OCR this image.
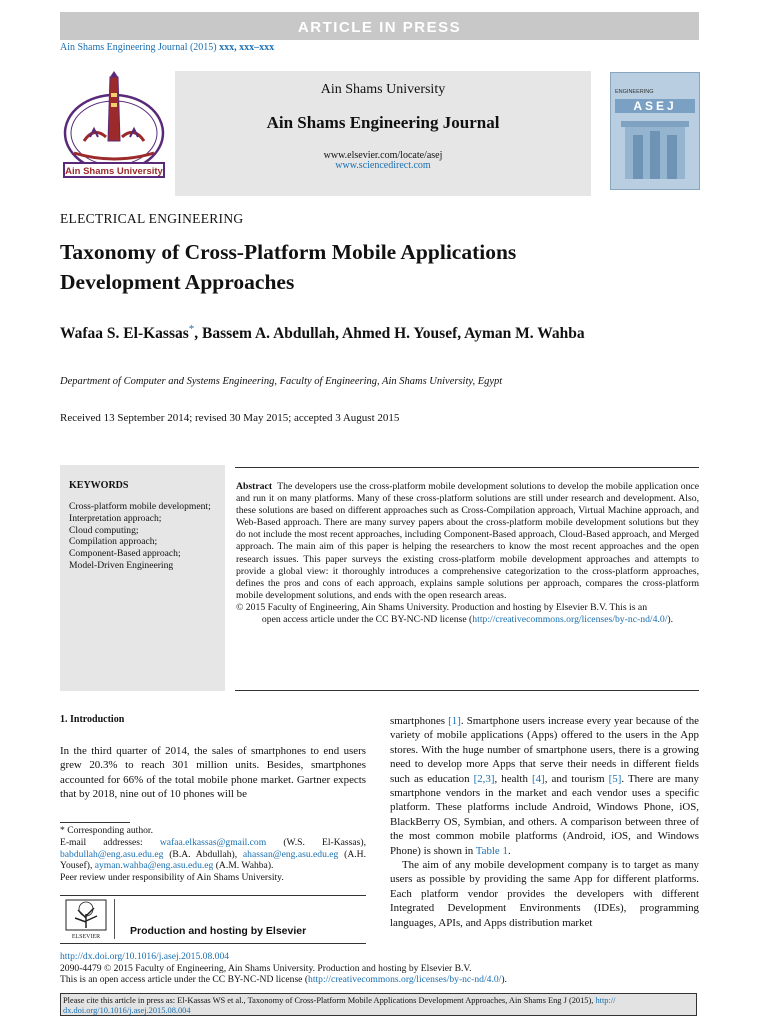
ARTICLE IN PRESS
Ain Shams Engineering Journal (2015) xxx, xxx–xxx
Ain Shams University
Ain Shams University
Ain Shams Engineering Journal
www.elsevier.com/locate/asej
www.sciencedirect.com
ENGINEERING
ASEJ
ELECTRICAL ENGINEERING
Taxonomy of Cross-Platform Mobile Applications
Development Approaches
Wafaa S. El-Kassas*, Bassem A. Abdullah, Ahmed H. Yousef, Ayman M. Wahba
Department of Computer and Systems Engineering, Faculty of Engineering, Ain Shams University, Egypt
Received 13 September 2014; revised 30 May 2015; accepted 3 August 2015
KEYWORDS
Cross-platform mobile development;
Interpretation approach;
Cloud computing;
Compilation approach;
Component-Based approach;
Model-Driven Engineering
Abstract The developers use the cross-platform mobile development solutions to develop the mobile application once and run it on many platforms. Many of these cross-platform solutions are still under research and development. Also, these solutions are based on different approaches such as Cross-Compilation approach, Virtual Machine approach, and Web-Based approach. There are many survey papers about the cross-platform mobile development solutions but they do not include the most recent approaches, including Component-Based approach, Cloud-Based approach, and Merged approach. The main aim of this paper is helping the researchers to know the most recent approaches and the open research issues. This paper surveys the existing cross-platform mobile development approaches and attempts to provide a global view: it thoroughly introduces a comprehensive categorization to the cross-platform approaches, defines the pros and cons of each approach, explains sample solutions per approach, compares the cross-platform mobile development solutions, and ends with the open research areas.
© 2015 Faculty of Engineering, Ain Shams University. Production and hosting by Elsevier B.V. This is an
open access article under the CC BY-NC-ND license (http://creativecommons.org/licenses/by-nc-nd/4.0/).
1. Introduction
In the third quarter of 2014, the sales of smartphones to end users grew 20.3% to reach 301 million units. Besides, smartphones accounted for 66% of the total mobile phone market. Gartner expects that by 2018, nine out of 10 phones will be
* Corresponding author.
E-mail addresses: wafaa.elkassas@gmail.com (W.S. El-Kassas), babdullah@eng.asu.edu.eg (B.A. Abdullah), ahassan@eng.asu.edu.eg (A.H. Yousef), ayman.wahba@eng.asu.edu.eg (A.M. Wahba).
Peer review under responsibility of Ain Shams University.
ELSEVIER	Production and hosting by Elsevier

smartphones [1]. Smartphone users increase every year because of the variety of mobile applications (Apps) offered to the users in the App stores. With the huge number of smartphone users, there is a growing need to develop more Apps that serve their needs in different fields such as education [2,3], health [4], and tourism [5]. There are many smartphone vendors in the market and each vendor uses a specific platform. These platforms include Android, Windows Phone, iOS, BlackBerry OS, Symbian, and others. A comparison between three of the most common mobile platforms (Android, iOS, and Windows Phone) is shown in Table 1.

The aim of any mobile development company is to target as many users as possible by providing the same App for different platforms. Each platform vendor provides the developers with different Integrated Development Environments (IDEs), programming languages, APIs, and Apps distribution market

http://dx.doi.org/10.1016/j.asej.2015.08.004
2090-4479 © 2015 Faculty of Engineering, Ain Shams University. Production and hosting by Elsevier B.V.
This is an open access article under the CC BY-NC-ND license (http://creativecommons.org/licenses/by-nc-nd/4.0/).
Please cite this article in press as: El-Kassas WS et al., Taxonomy of Cross-Platform Mobile Applications Development Approaches, Ain Shams Eng J (2015), http://
dx.doi.org/10.1016/j.asej.2015.08.004
